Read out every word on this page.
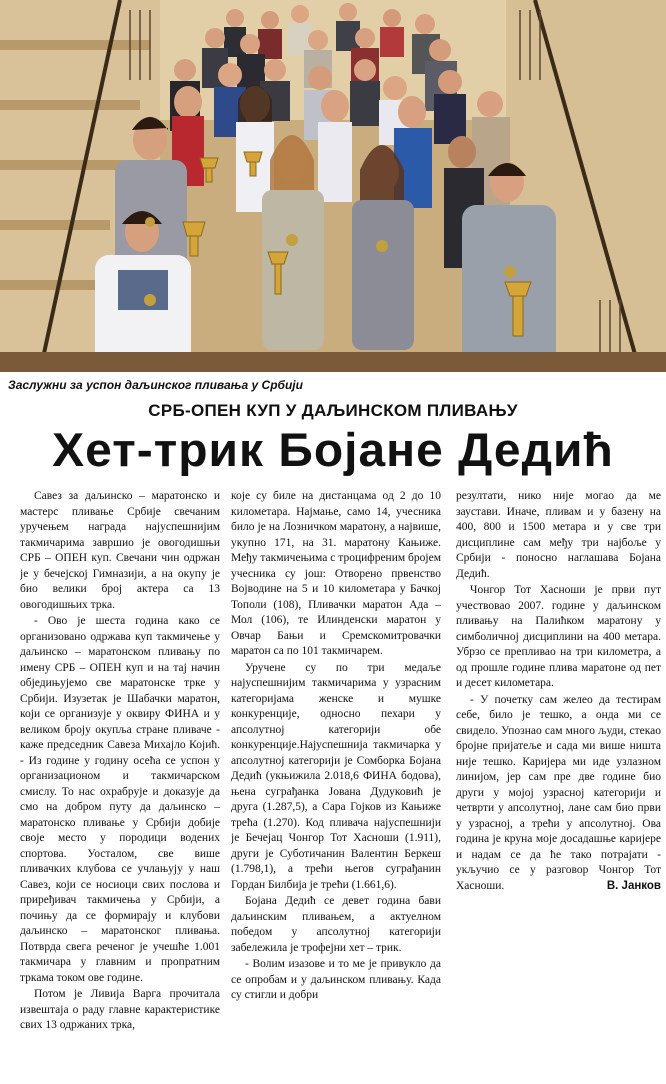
Заслужни за успон даљинског пливања у Србији
СРБ-ОПЕН КУП У ДАЉИНСКОМ ПЛИВАЊУ
Хет-трик Бојане Дедић

Савез за даљинско – маратонско и мастерс пливање Србије свечаним уручењем награда најуспешнијим такмичарима завршио је овогодишњи СРБ – ОПЕН куп. Свечани чин одржан је у бечејској Гимназији, а на окупу је био велики број актера са 13 овогодишњих трка.

- Ово је шеста година како се организовано одржава куп такмичење у даљинско – маратонском пливању по имену СРБ – ОПЕН куп и на тај начин обједињујемо све маратонске трке у Србији. Изузетак је Шабачки маратон, који се организује у оквиру ФИНА и у великом броју окупља стране пливаче - каже председник Савеза Михајло Којић. - Из године у годину осећа се успон у организационом и такмичарском смислу. То нас охрабрује и доказује да смо на добром путу да даљинско – маратонско пливање у Србији добије своје место у породици водених спортова. Уосталом, све више пливачких клубова се учлањују у наш Савез, који се носиоци свих послова и приређивач такмичења у Србији, а почињу да се формирају и клубови даљинско – маратонског пливања. Потврда свега реченог је учешће 1.001 такмичара у главним и пропратним тркама током ове године.

Потом је Ливија Варга прочитала извештаја о раду главне карактеристике свих 13 одржаних трка,

које су биле на дистанцама од 2 до 10 километара. Најмање, само 14, учесника било је на Лозничком маратону, а највише, укупно 171, на 31. маратону Кањиже. Међу такмичењима с троцифреним бројем учесника су још: Отворено првенство Војводине на 5 и 10 километара у Бачкој Тополи (108), Пливачки маратон Ада – Мол (106), те Илинденски маратон у Овчар Бањи и Сремскомитровачки маратон са по 101 такмичарем.

Уручене су по три медаље најуспешнијим такмичарима у узрасним категоријама женске и мушке конкуренције, односно пехари у апсолутној категорији обе конкуренције.Најуспешнија такмичарка у апсолутној категорији је Сомборка Бојана Дедић (укњижила 2.018,6 ФИНА бодова), њена суграђанка Јована Дудуковић је друга (1.287,5), а Сара Гојков из Кањиже трећа (1.270). Код пливача најуспешнији је Бечејац Чонгор Тот Хасноши (1.911), други је Суботичанин Валентин Беркеш (1.798,1), а трећи његов суграђанин Гордан Билбија је трећи (1.661,6).

Бојана Дедић се девет година бави даљинским пливањем, а актуелном победом у апсолутној категорији забележила је трофејни хет – трик.

- Волим изазове и то ме је привукло да се опробам и у даљинском пливању. Када су стигли и добри

резултати, нико није могао да ме заустави. Иначе, пливам и у базену на 400, 800 и 1500 метара и у све три дисциплине сам међу три најбоље у Србији - поносно наглашава Бојана Дедић.

Чонгор Тот Хасноши је први пут учествовао 2007. године у даљинском пливању на Палићком маратону у симболичној дисциплини на 400 метара. Убрзо се препливао на три километра, а од прошле године плива маратоне од пет и десет километара.

- У почетку сам желео да тестирам себе, било је тешко, а онда ми се свидело. Упознао сам много људи, стекао бројне пријатеље и сада ми више ништа није тешко. Каријера ми иде узлазном линијом, јер сам пре две године био други у мојој узрасној категорији и четврти у апсолутној, лане сам био први у узрасној, а трећи у апсолутној. Ова година је круна моје досадашње каријере и надам се да ће тако потрајати - укључио се у разговор Чонгор Тот Хасноши.	В. Јанков
